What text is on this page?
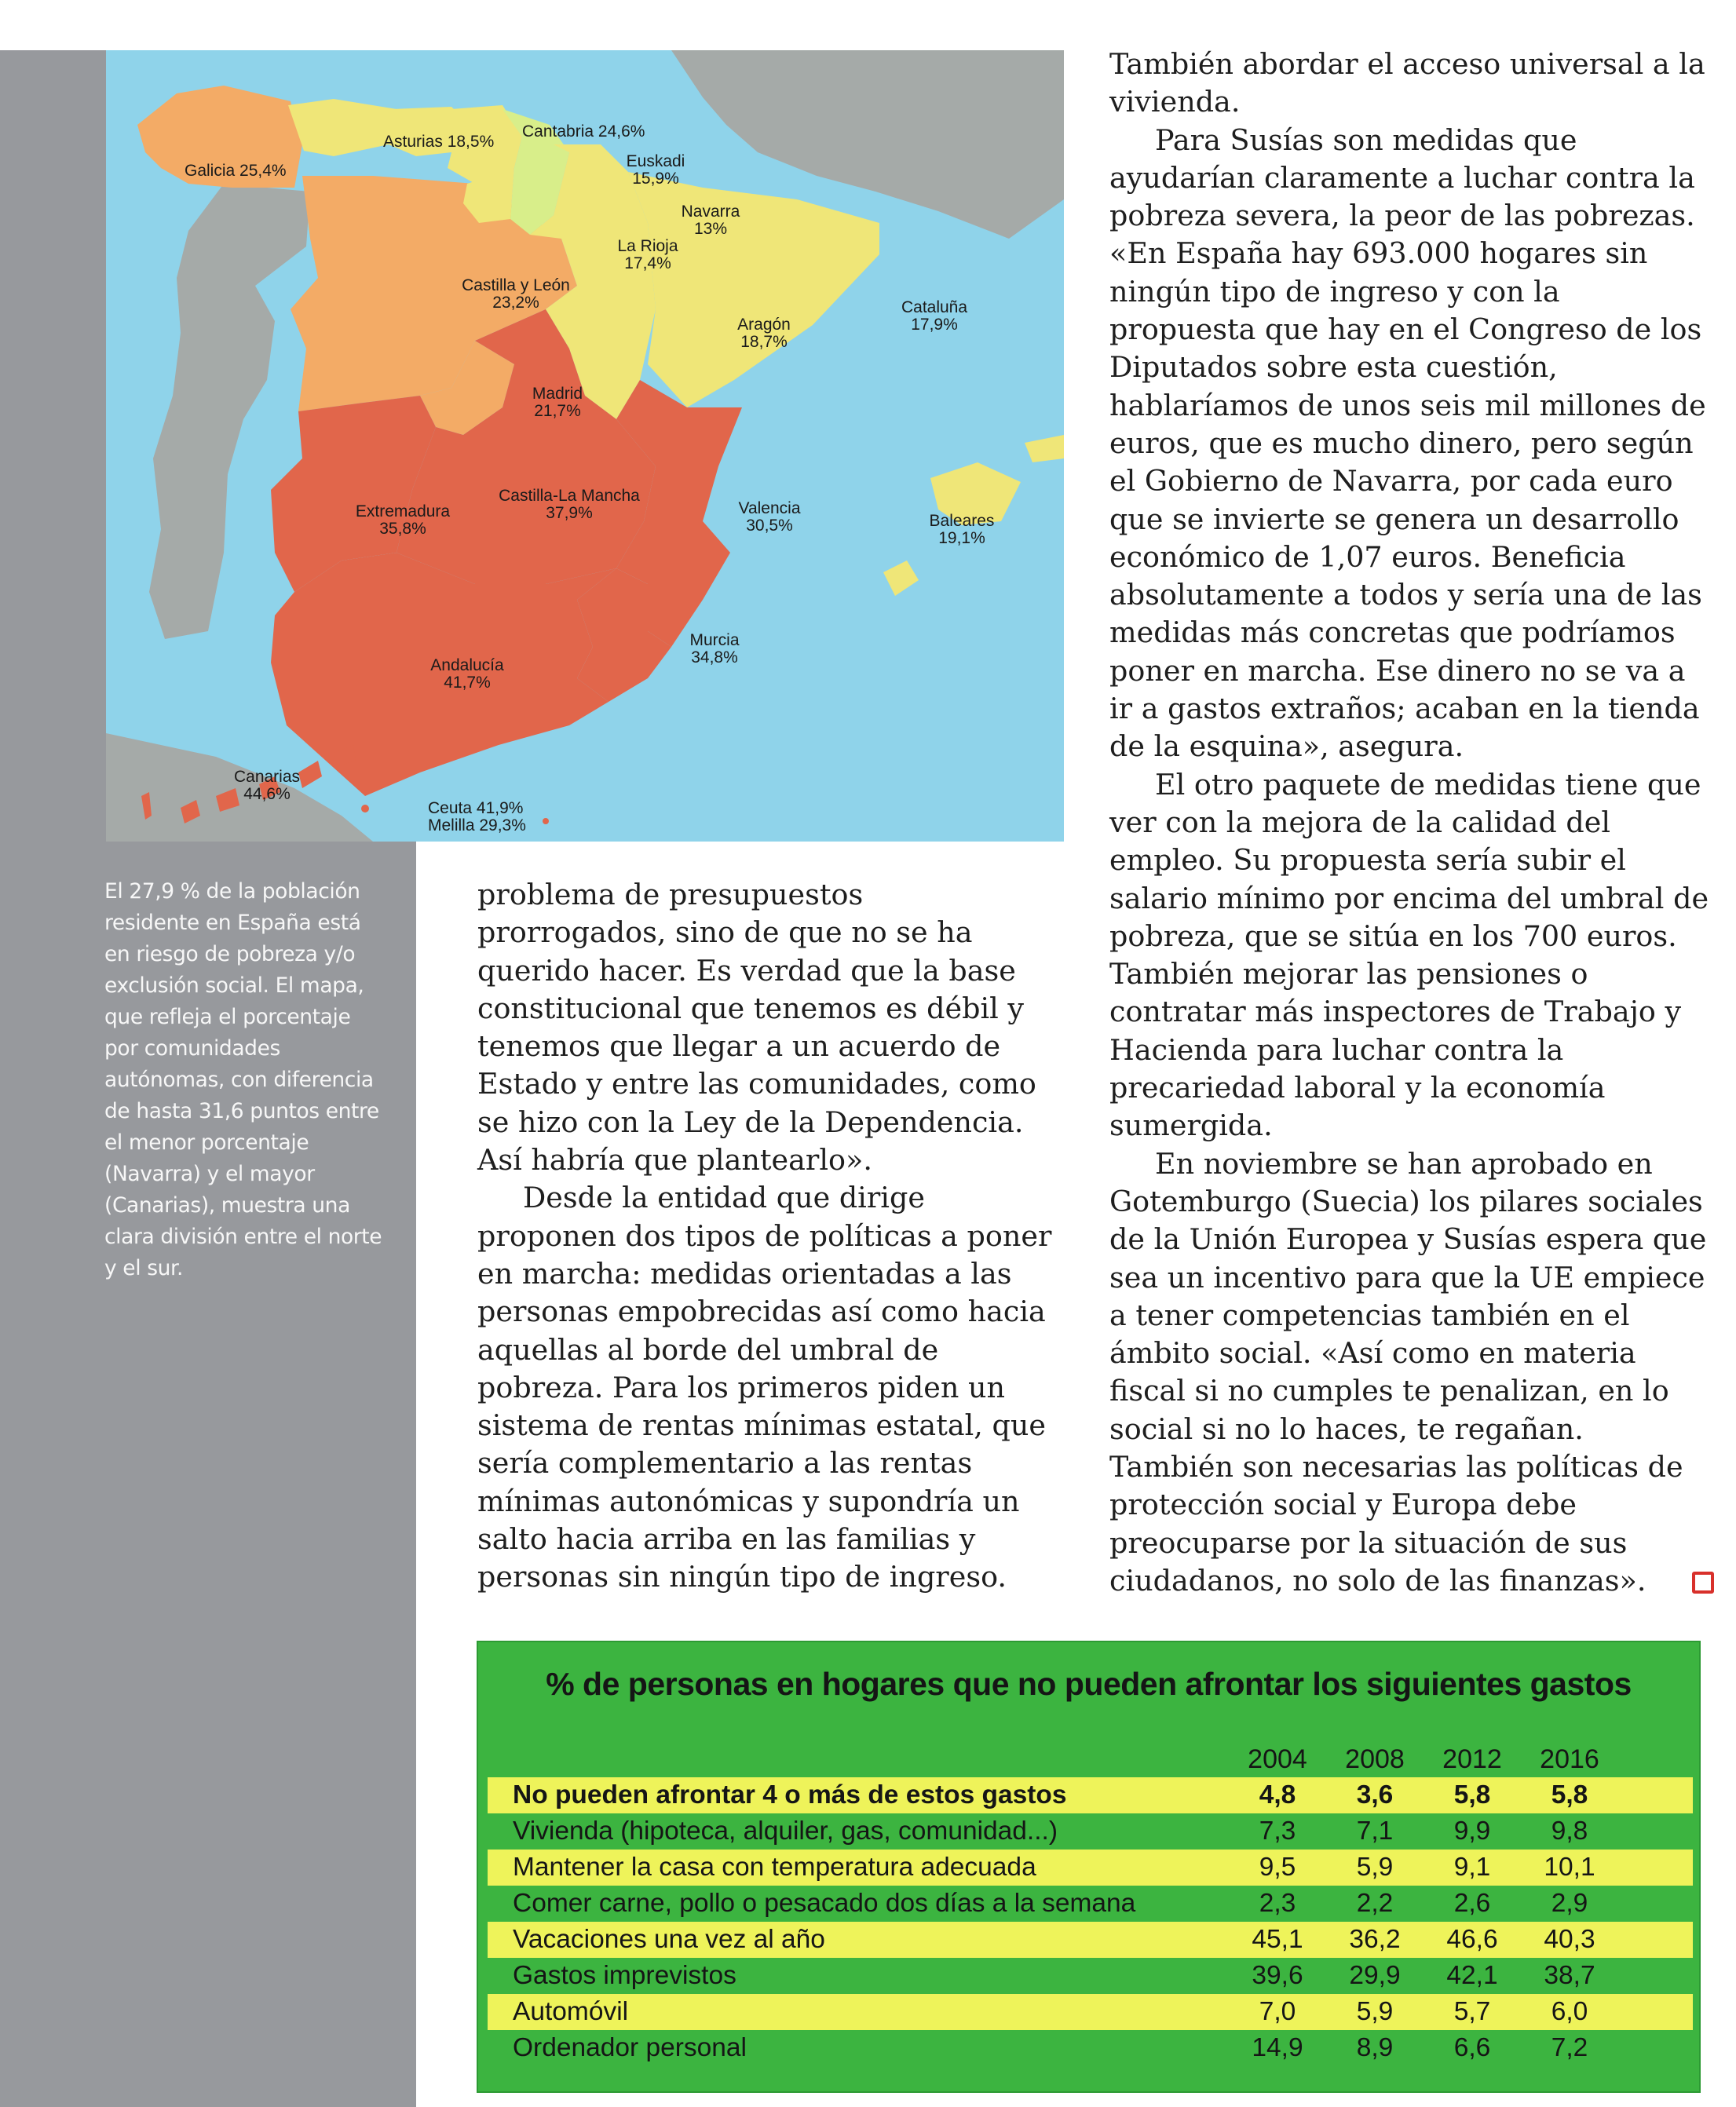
Galicia 25,4%
Asturias 18,5%
Cantabria 24,6%
Euskadi 15,9%
Navarra 13%
La Rioja 17,4%
Castilla y León 23,2%
Aragón 18,7%
Cataluña 17,9%
Madrid 21,7%
Extremadura 35,8%
Castilla-La Mancha 37,9%	Valencia 30,5%	Baleares 19,1%
Murcia 34,8%
Andalucía 41,7%
Canarias 44,6%
Ceuta 41,9%
Melilla 29,3%

El 27,9 % de la población residente en España está en riesgo de pobreza y/o exclusión social. El mapa, que refleja el porcentaje por comunidades autónomas, con diferencia de hasta 31,6 puntos entre el menor porcentaje (Navarra) y el mayor (Canarias), muestra una clara división entre el norte y el sur.

problema de presupuestos prorrogados, sino de que no se ha querido hacer. Es verdad que la base constitucional que tenemos es débil y tenemos que llegar a un acuerdo de Estado y entre las comunidades, como se hizo con la Ley de la Dependencia. Así habría que plantearlo».

Desde la entidad que dirige proponen dos tipos de políticas a poner en marcha: medidas orientadas a las personas empobrecidas así como hacia aquellas al borde del umbral de pobreza. Para los primeros piden un sistema de rentas mínimas estatal, que sería complementario a las rentas mínimas autonómicas y supondría un salto hacia arriba en las familias y personas sin ningún tipo de ingreso.

También abordar el acceso universal a la vivienda.

Para Susías son medidas que ayudarían claramente a luchar contra la pobreza severa, la peor de las pobrezas. «En España hay 693.000 hogares sin ningún tipo de ingreso y con la propuesta que hay en el Congreso de los Diputados sobre esta cuestión, hablaríamos de unos seis mil millones de euros, que es mucho dinero, pero según el Gobierno de Navarra, por cada euro que se invierte se genera un desarrollo económico de 1,07 euros. Beneficia absolutamente a todos y sería una de las medidas más concretas que podríamos poner en marcha. Ese dinero no se va a ir a gastos extraños; acaban en la tienda de la esquina», asegura.

El otro paquete de medidas tiene que ver con la mejora de la calidad del empleo. Su propuesta sería subir el salario mínimo por encima del umbral de pobreza, que se sitúa en los 700 euros. También mejorar las pensiones o contratar más inspectores de Trabajo y Hacienda para luchar contra la precariedad laboral y la economía sumergida.

En noviembre se han aprobado en Gotemburgo (Suecia) los pilares sociales de la Unión Europea y Susías espera que sea un incentivo para que la UE empiece a tener competencias también en el ámbito social. «Así como en materia fiscal si no cumples te penalizan, en lo social si no lo haces, te regañan. También son necesarias las políticas de protección social y Europa debe preocuparse por la situación de sus ciudadanos, no solo de las finanzas».

% de personas en hogares que no pueden afrontar los siguientes gastos
2004	2008	2012	2016
No pueden afrontar 4 o más de estos gastos	4,8	3,6	5,8	5,8
Vivienda (hipoteca, alquiler, gas, comunidad...)	7,3	7,1	9,9	9,8
Mantener la casa con temperatura adecuada	9,5	5,9	9,1	10,1
Comer carne, pollo o pesacado dos días a la semana	2,3	2,2	2,6	2,9
Vacaciones una vez al año	45,1	36,2	46,6	40,3
Gastos imprevistos	39,6	29,9	42,1	38,7
Automóvil	7,0	5,9	5,7	6,0
Ordenador personal	14,9	8,9	6,6	7,2
